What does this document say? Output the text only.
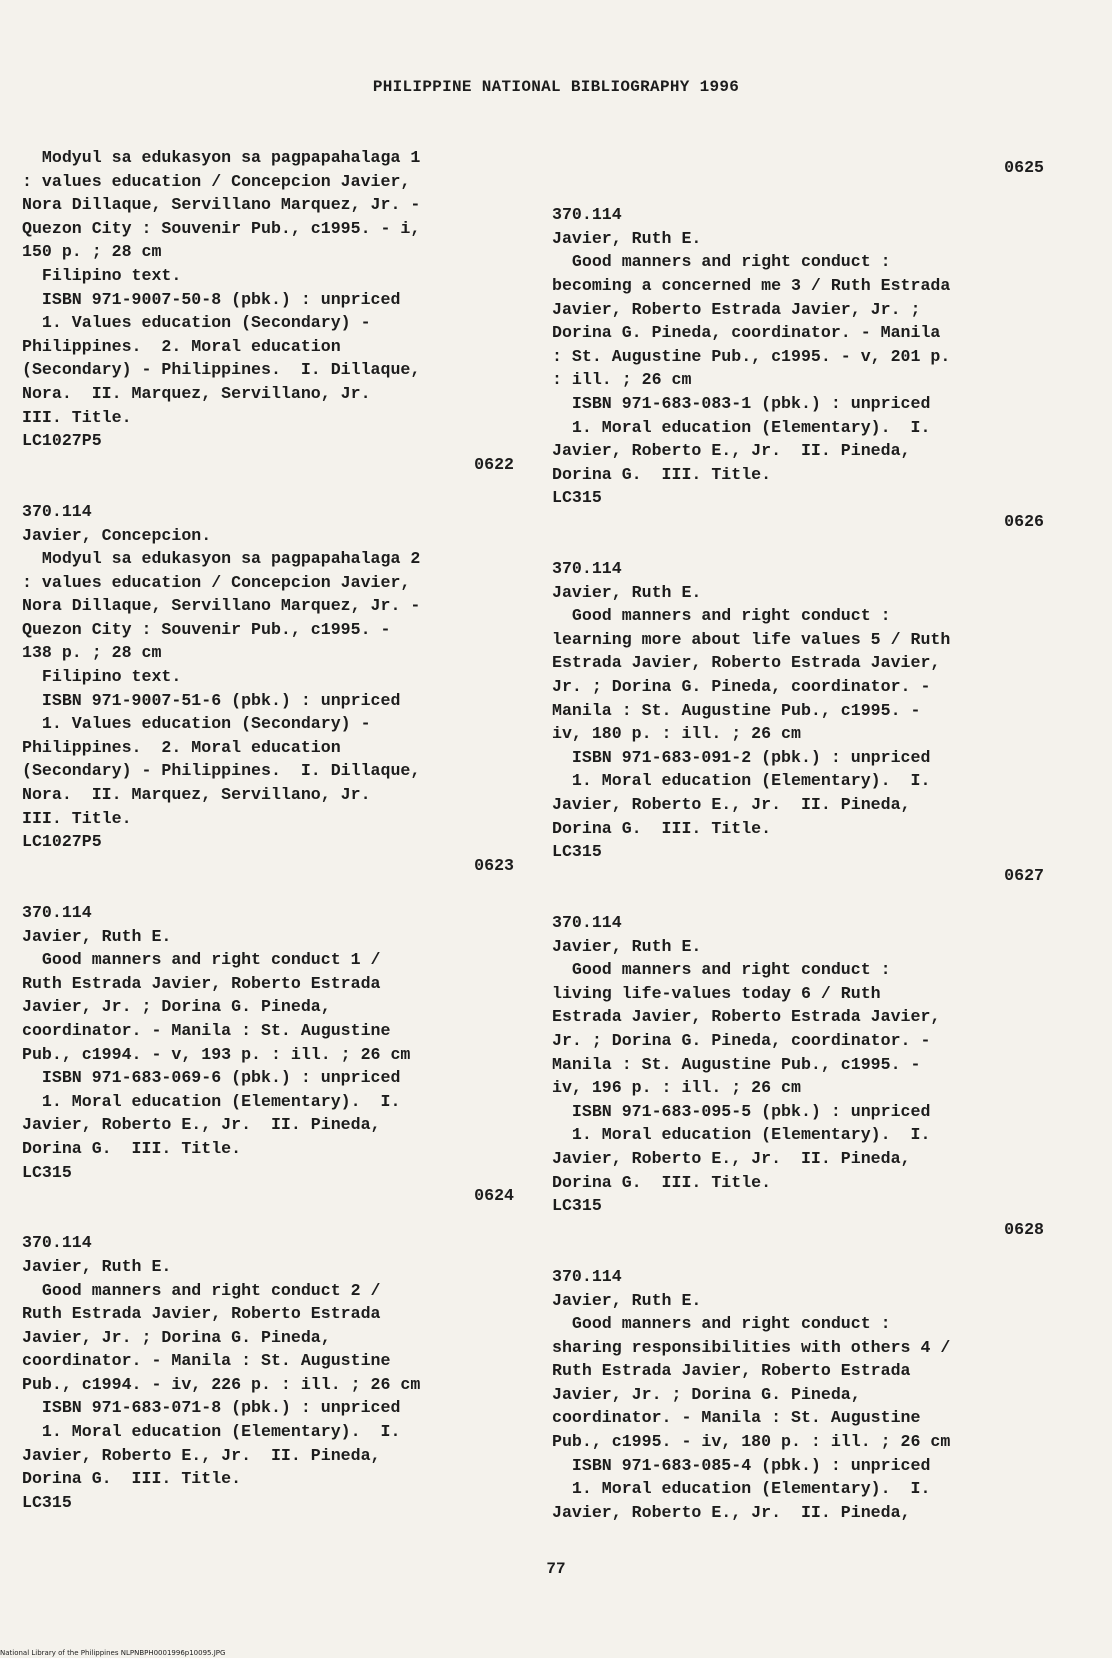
PHILIPPINE NATIONAL BIBLIOGRAPHY 1996
Modyul sa edukasyon sa pagpapahalaga 1
: values education / Concepcion Javier,
Nora Dillaque, Servillano Marquez, Jr. -
Quezon City : Souvenir Pub., c1995. - i,
150 p. ; 28 cm
Filipino text.
ISBN 971-9007-50-8 (pbk.) : unpriced
1. Values education (Secondary) -
Philippines.  2. Moral education
(Secondary) - Philippines.  I. Dillaque,
Nora.  II. Marquez, Servillano, Jr.
III. Title.
LC1027P5
0622
370.114
Javier, Concepcion.
Modyul sa edukasyon sa pagpapahalaga 2
: values education / Concepcion Javier,
Nora Dillaque, Servillano Marquez, Jr. -
Quezon City : Souvenir Pub., c1995. -
138 p. ; 28 cm
Filipino text.
ISBN 971-9007-51-6 (pbk.) : unpriced
1. Values education (Secondary) -
Philippines.  2. Moral education
(Secondary) - Philippines.  I. Dillaque,
Nora.  II. Marquez, Servillano, Jr.
III. Title.
LC1027P5
0623
370.114
Javier, Ruth E.
Good manners and right conduct 1 /
Ruth Estrada Javier, Roberto Estrada
Javier, Jr. ; Dorina G. Pineda,
coordinator. - Manila : St. Augustine
Pub., c1994. - v, 193 p. : ill. ; 26 cm
ISBN 971-683-069-6 (pbk.) : unpriced
1. Moral education (Elementary).  I.
Javier, Roberto E., Jr.  II. Pineda,
Dorina G.  III. Title.
LC315
0624
370.114
Javier, Ruth E.
Good manners and right conduct 2 /
Ruth Estrada Javier, Roberto Estrada
Javier, Jr. ; Dorina G. Pineda,
coordinator. - Manila : St. Augustine
Pub., c1994. - iv, 226 p. : ill. ; 26 cm
ISBN 971-683-071-8 (pbk.) : unpriced
1. Moral education (Elementary).  I.
Javier, Roberto E., Jr.  II. Pineda,
Dorina G.  III. Title.
LC315
0625
370.114
Javier, Ruth E.
Good manners and right conduct :
becoming a concerned me 3 / Ruth Estrada
Javier, Roberto Estrada Javier, Jr. ;
Dorina G. Pineda, coordinator. - Manila
: St. Augustine Pub., c1995. - v, 201 p.
: ill. ; 26 cm
ISBN 971-683-083-1 (pbk.) : unpriced
1. Moral education (Elementary).  I.
Javier, Roberto E., Jr.  II. Pineda,
Dorina G.  III. Title.
LC315
0626
370.114
Javier, Ruth E.
Good manners and right conduct :
learning more about life values 5 / Ruth
Estrada Javier, Roberto Estrada Javier,
Jr. ; Dorina G. Pineda, coordinator. -
Manila : St. Augustine Pub., c1995. -
iv, 180 p. : ill. ; 26 cm
ISBN 971-683-091-2 (pbk.) : unpriced
1. Moral education (Elementary).  I.
Javier, Roberto E., Jr.  II. Pineda,
Dorina G.  III. Title.
LC315
0627
370.114
Javier, Ruth E.
Good manners and right conduct :
living life-values today 6 / Ruth
Estrada Javier, Roberto Estrada Javier,
Jr. ; Dorina G. Pineda, coordinator. -
Manila : St. Augustine Pub., c1995. -
iv, 196 p. : ill. ; 26 cm
ISBN 971-683-095-5 (pbk.) : unpriced
1. Moral education (Elementary).  I.
Javier, Roberto E., Jr.  II. Pineda,
Dorina G.  III. Title.
LC315
0628
370.114
Javier, Ruth E.
Good manners and right conduct :
sharing responsibilities with others 4 /
Ruth Estrada Javier, Roberto Estrada
Javier, Jr. ; Dorina G. Pineda,
coordinator. - Manila : St. Augustine
Pub., c1995. - iv, 180 p. : ill. ; 26 cm
ISBN 971-683-085-4 (pbk.) : unpriced
1. Moral education (Elementary).  I.
Javier, Roberto E., Jr.  II. Pineda,
77
National Library of the Philippines NLPNBPH0001996p10095.JPG
